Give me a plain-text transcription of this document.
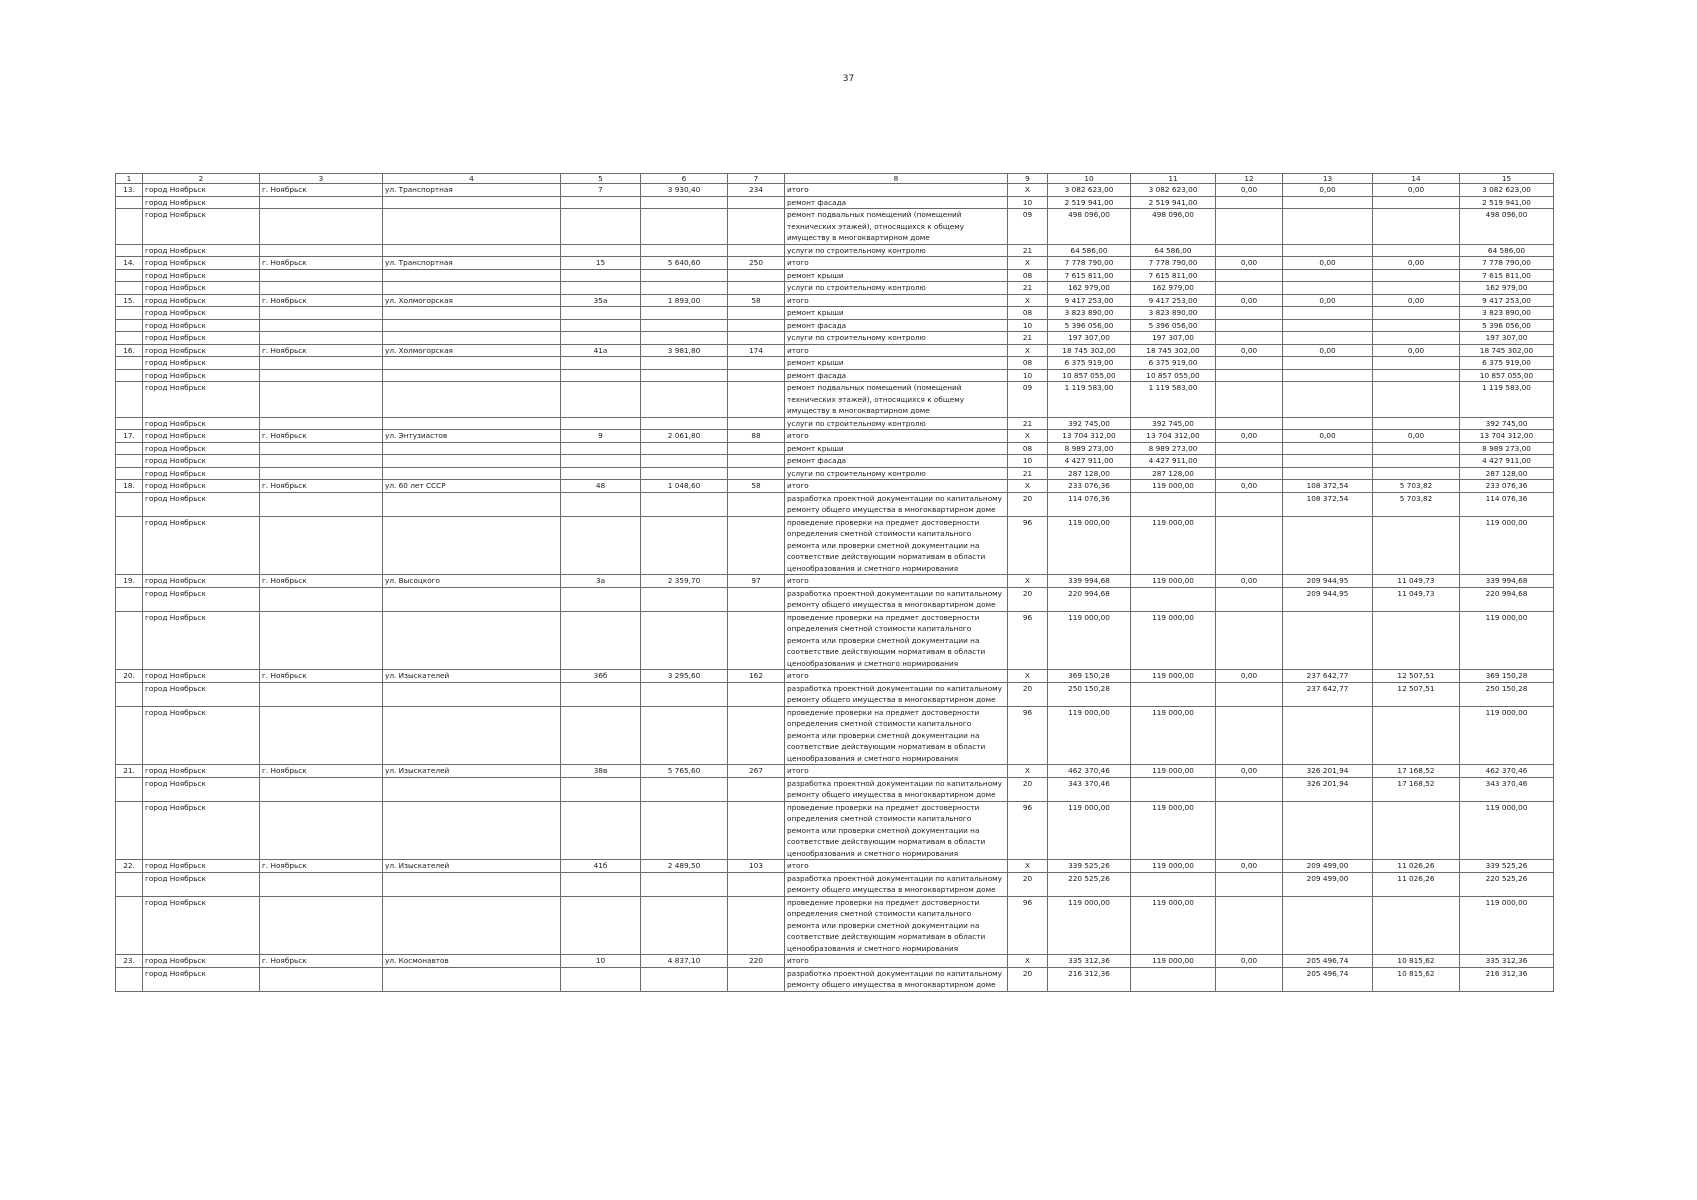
37
1	2	3	4	5	6	7	8	9	10	11	12	13	14	15
13.	город Ноябрьск	г. Ноябрьск	ул. Транспортная	7	3 930,40	234	итого	Х	3 082 623,00	3 082 623,00	0,00	0,00	0,00	3 082 623,00
	город Ноябрьск						ремонт фасада	10	2 519 941,00	2 519 941,00				2 519 941,00
	город Ноябрьск						ремонт подвальных помещений (помещений технических этажей), относящихся к общему имуществу в многоквартирном доме	09	498 096,00	498 096,00				498 096,00
	город Ноябрьск						услуги по строительному контролю	21	64 586,00	64 586,00				64 586,00
14.	город Ноябрьск	г. Ноябрьск	ул. Транспортная	15	5 640,60	250	итого	Х	7 778 790,00	7 778 790,00	0,00	0,00	0,00	7 778 790,00
	город Ноябрьск						ремонт крыши	08	7 615 811,00	7 615 811,00				7 615 811,00
	город Ноябрьск						услуги по строительному контролю	21	162 979,00	162 979,00				162 979,00
15.	город Ноябрьск	г. Ноябрьск	ул. Холмогорская	35а	1 893,00	58	итого	Х	9 417 253,00	9 417 253,00	0,00	0,00	0,00	9 417 253,00
	город Ноябрьск						ремонт крыши	08	3 823 890,00	3 823 890,00				3 823 890,00
	город Ноябрьск						ремонт фасада	10	5 396 056,00	5 396 056,00				5 396 056,00
	город Ноябрьск						услуги по строительному контролю	21	197 307,00	197 307,00				197 307,00
16.	город Ноябрьск	г. Ноябрьск	ул. Холмогорская	41а	3 981,80	174	итого	Х	18 745 302,00	18 745 302,00	0,00	0,00	0,00	18 745 302,00
	город Ноябрьск						ремонт крыши	08	6 375 919,00	6 375 919,00				6 375 919,00
	город Ноябрьск						ремонт фасада	10	10 857 055,00	10 857 055,00				10 857 055,00
	город Ноябрьск						ремонт подвальных помещений (помещений технических этажей), относящихся к общему имуществу в многоквартирном доме	09	1 119 583,00	1 119 583,00				1 119 583,00
	город Ноябрьск						услуги по строительному контролю	21	392 745,00	392 745,00				392 745,00
17.	город Ноябрьск	г. Ноябрьск	ул. Энтузиастов	9	2 061,80	88	итого	Х	13 704 312,00	13 704 312,00	0,00	0,00	0,00	13 704 312,00
	город Ноябрьск						ремонт крыши	08	8 989 273,00	8 989 273,00				8 989 273,00
	город Ноябрьск						ремонт фасада	10	4 427 911,00	4 427 911,00				4 427 911,00
	город Ноябрьск						услуги по строительному контролю	21	287 128,00	287 128,00				287 128,00
18.	город Ноябрьск	г. Ноябрьск	ул. 60 лет СССР	48	1 048,60	58	итого	Х	233 076,36	119 000,00	0,00	108 372,54	5 703,82	233 076,36
	город Ноябрьск						разработка проектной документации по капитальному ремонту общего имущества в многоквартирном доме	20	114 076,36			108 372,54	5 703,82	114 076,36
	город Ноябрьск						проведение проверки на предмет достоверности определения сметной стоимости капитального ремонта или проверки сметной документации на соответствие действующим нормативам в области ценообразования и сметного нормирования	96	119 000,00	119 000,00				119 000,00
19.	город Ноябрьск	г. Ноябрьск	ул. Высоцкого	3а	2 359,70	97	итого	Х	339 994,68	119 000,00	0,00	209 944,95	11 049,73	339 994,68
	город Ноябрьск						разработка проектной документации по капитальному ремонту общего имущества в многоквартирном доме	20	220 994,68			209 944,95	11 049,73	220 994,68
	город Ноябрьск						проведение проверки на предмет достоверности определения сметной стоимости капитального ремонта или проверки сметной документации на соответствие действующим нормативам в области ценообразования и сметного нормирования	96	119 000,00	119 000,00				119 000,00
20.	город Ноябрьск	г. Ноябрьск	ул. Изыскателей	36б	3 295,60	162	итого	Х	369 150,28	119 000,00	0,00	237 642,77	12 507,51	369 150,28
	город Ноябрьск						разработка проектной документации по капитальному ремонту общего имущества в многоквартирном доме	20	250 150,28			237 642,77	12 507,51	250 150,28
	город Ноябрьск						проведение проверки на предмет достоверности определения сметной стоимости капитального ремонта или проверки сметной документации на соответствие действующим нормативам в области ценообразования и сметного нормирования	96	119 000,00	119 000,00				119 000,00
21.	город Ноябрьск	г. Ноябрьск	ул. Изыскателей	38в	5 765,60	267	итого	Х	462 370,46	119 000,00	0,00	326 201,94	17 168,52	462 370,46
	город Ноябрьск						разработка проектной документации по капитальному ремонту общего имущества в многоквартирном доме	20	343 370,46			326 201,94	17 168,52	343 370,46
	город Ноябрьск						проведение проверки на предмет достоверности определения сметной стоимости капитального ремонта или проверки сметной документации на соответствие действующим нормативам в области ценообразования и сметного нормирования	96	119 000,00	119 000,00				119 000,00
22.	город Ноябрьск	г. Ноябрьск	ул. Изыскателей	41б	2 489,50	103	итого	Х	339 525,26	119 000,00	0,00	209 499,00	11 026,26	339 525,26
	город Ноябрьск						разработка проектной документации по капитальному ремонту общего имущества в многоквартирном доме	20	220 525,26			209 499,00	11 026,26	220 525,26
	город Ноябрьск						проведение проверки на предмет достоверности определения сметной стоимости капитального ремонта или проверки сметной документации на соответствие действующим нормативам в области ценообразования и сметного нормирования	96	119 000,00	119 000,00				119 000,00
23.	город Ноябрьск	г. Ноябрьск	ул. Космонавтов	10	4 837,10	220	итого	Х	335 312,36	119 000,00	0,00	205 496,74	10 815,62	335 312,36
	город Ноябрьск						разработка проектной документации по капитальному ремонту общего имущества в многоквартирном доме	20	216 312,36			205 496,74	10 815,62	216 312,36
